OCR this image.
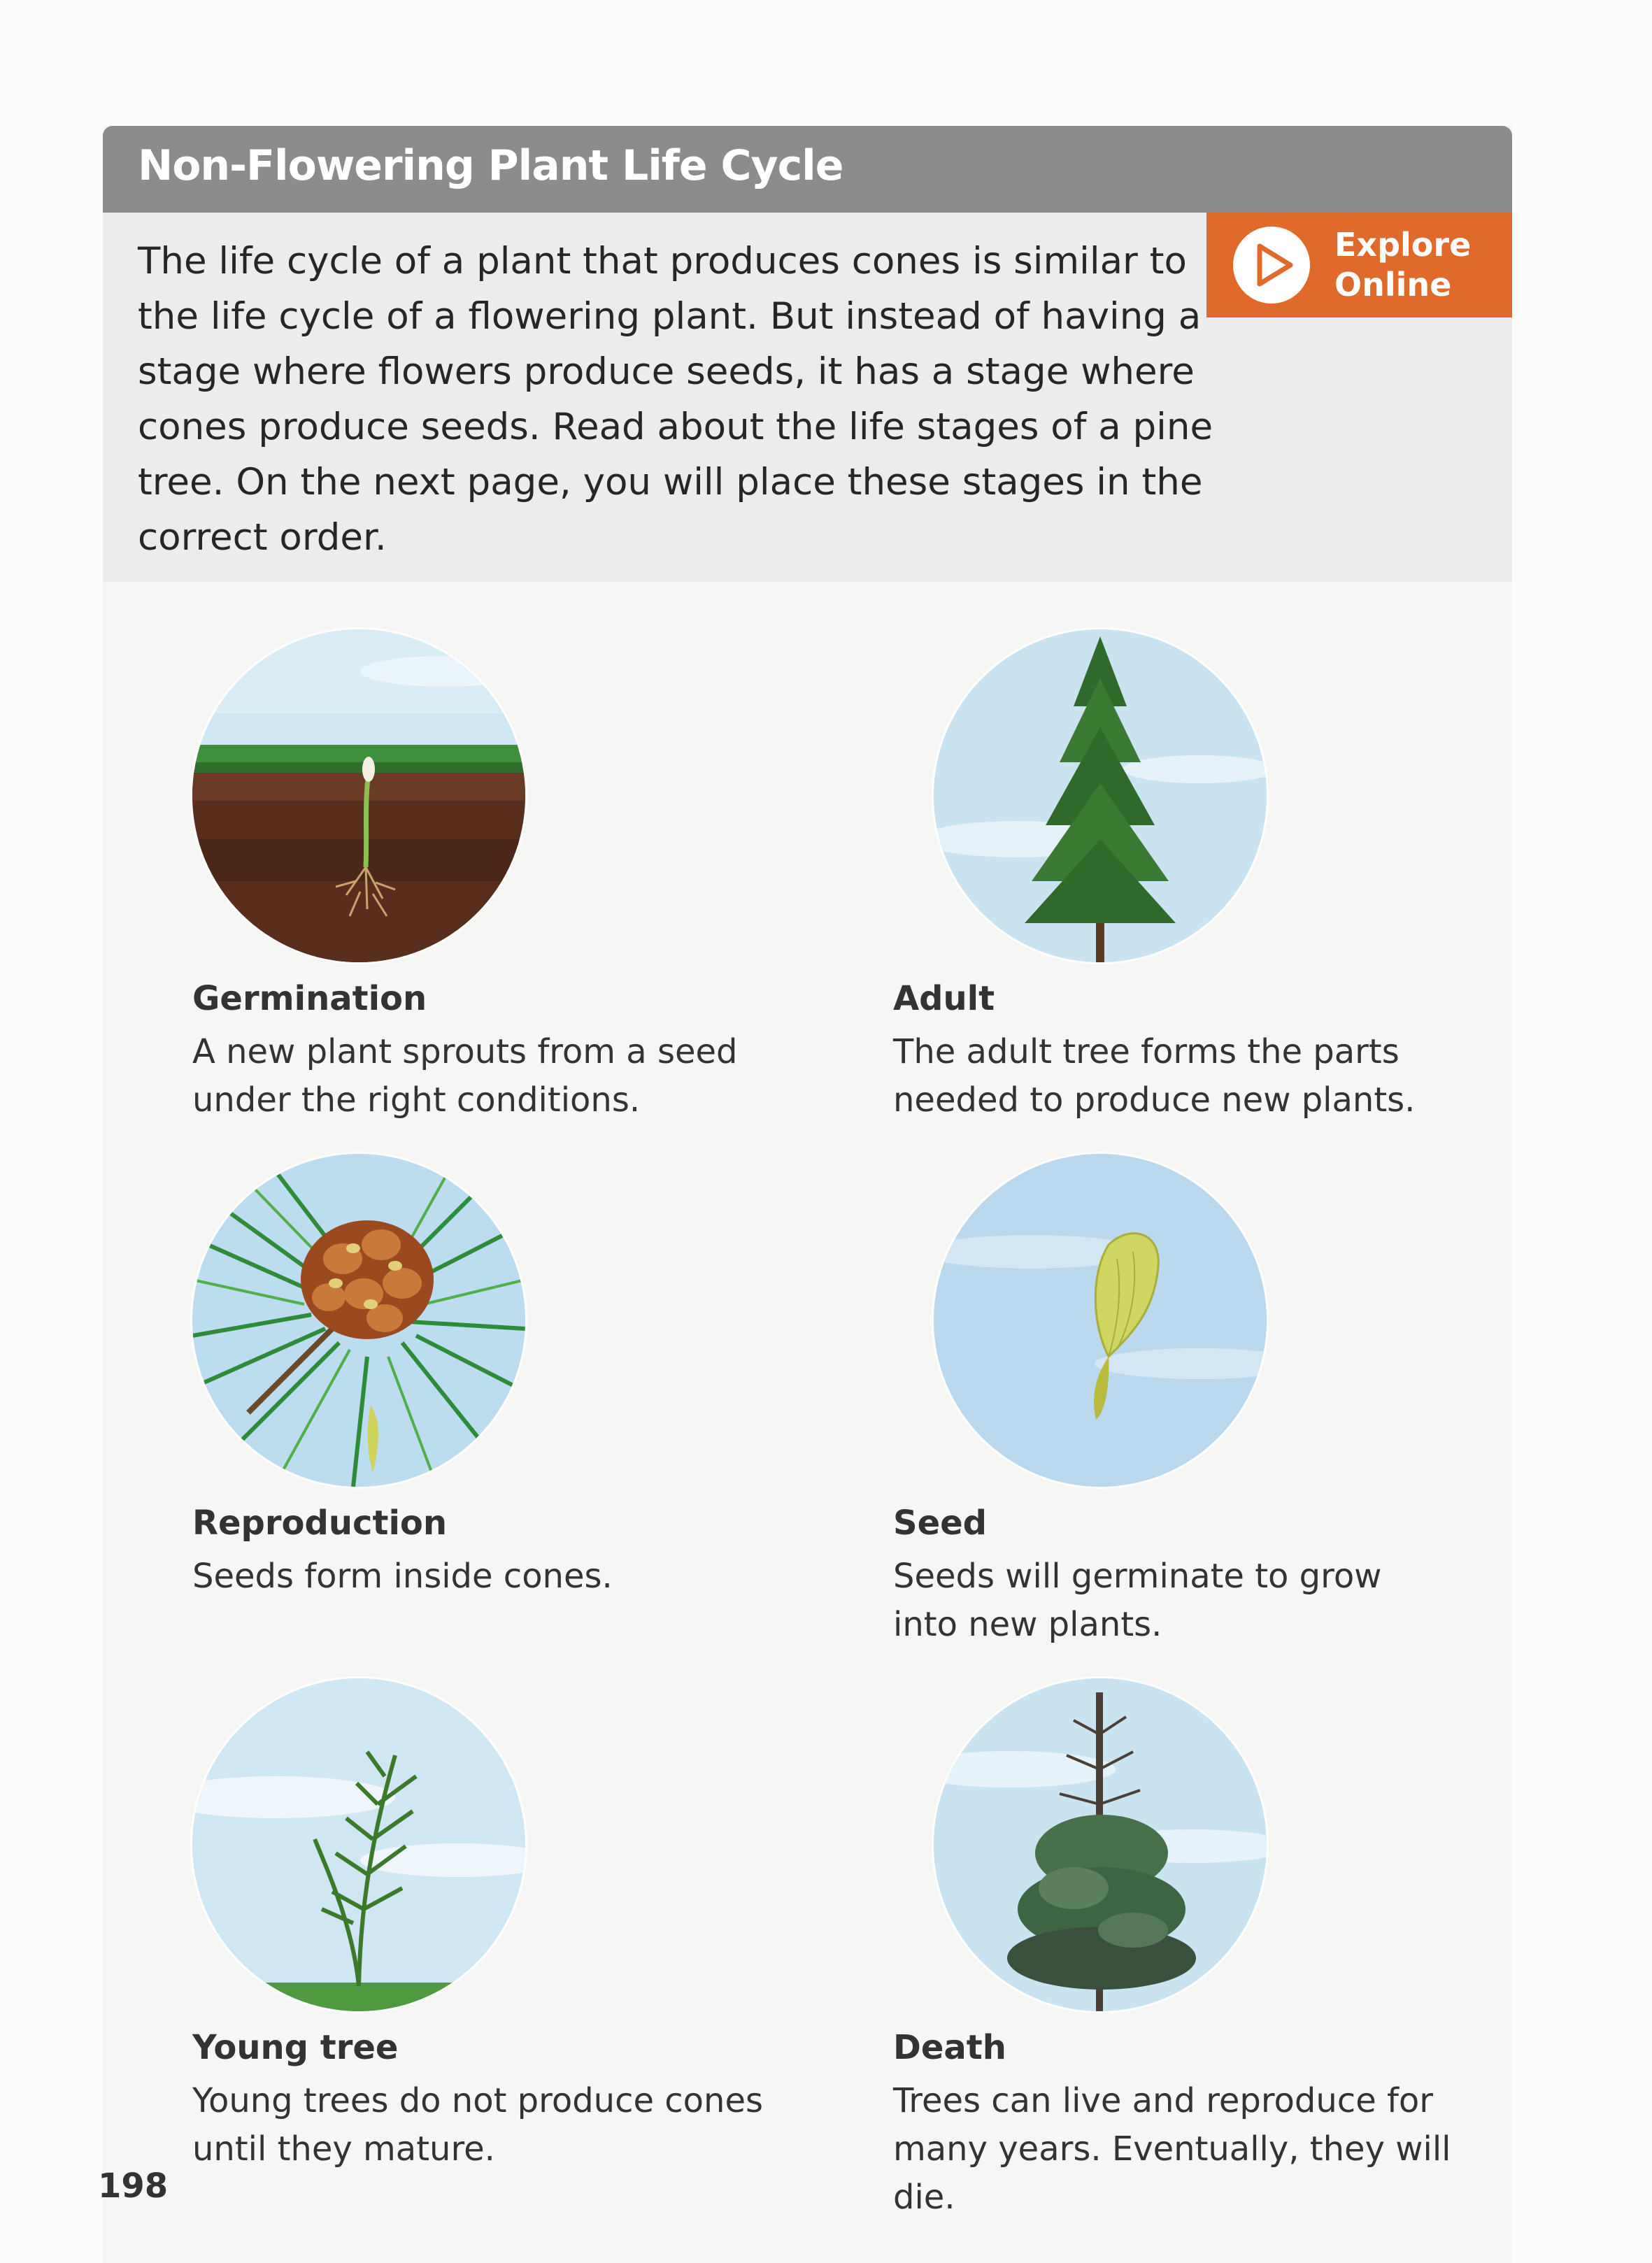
Non-Flowering Plant Life Cycle
The life cycle of a plant that produces cones is similar to
the life cycle of a flowering plant. But instead of having a
stage where flowers produce seeds, it has a stage where
cones produce seeds. Read about the life stages of a pine
tree. On the next page, you will place these stages in the
correct order.
Explore
Online
Germination
A new plant sprouts from a seed
under the right conditions.
Adult
The adult tree forms the parts
needed to produce new plants.
Reproduction
Seeds form inside cones.
Seed
Seeds will germinate to grow
into new plants.
Young tree
Young trees do not produce cones
until they mature.
Death
Trees can live and reproduce for
many years. Eventually, they will die.
198
